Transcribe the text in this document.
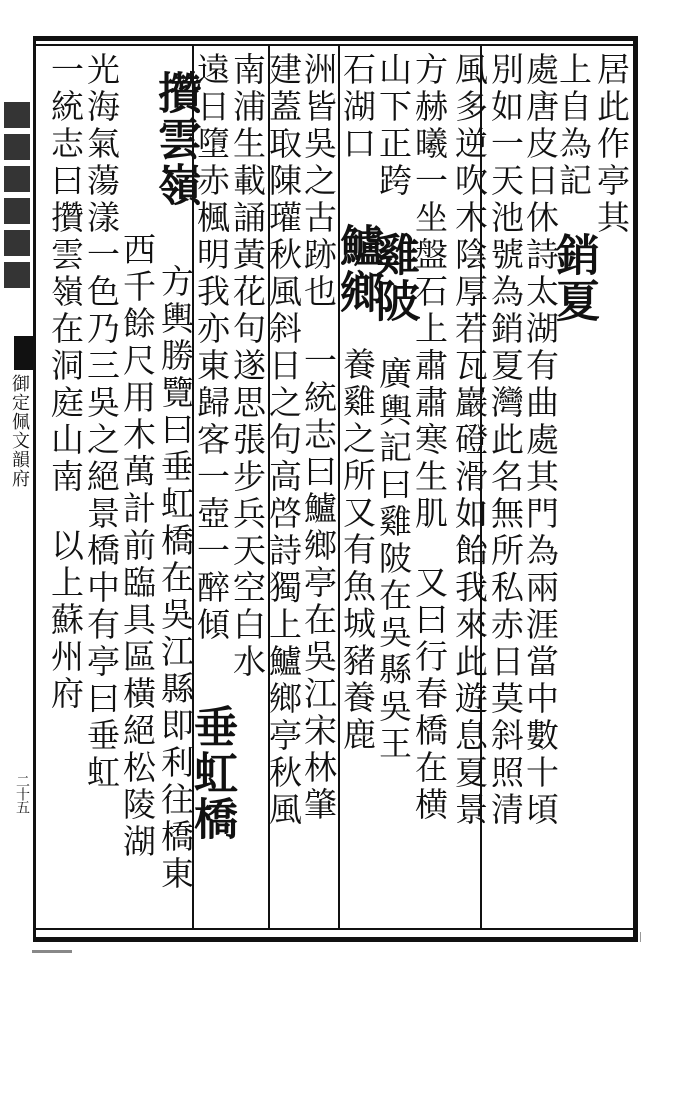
御定佩文韻府
二十五
居此作亭其
上自為記銷夏
處唐皮日休詩太湖有曲處其門為兩涯當中數十頃
別如一天池號為銷夏灣此名無所私赤日莫斜照清
風多逆吹木陰厚若瓦巖磴滑如飴我來此遊息夏景
方赫曦一坐盤石上肅肅寒生肌又曰行春橋在横
山下正跨雞陂廣輿記曰雞陂在吳縣吳王
石湖口鱸鄉養雞之所又有魚城豬養鹿
洲皆吳之古跡也一統志曰鱸鄉亭在吳江宋林肇
建蓋取陳瓘秋風斜日之句高啓詩獨上鱸鄉亭秋風
南浦生載誦黃花句遂思張步兵天空白水
遠日墮赤楓明我亦東歸客一壺一醉傾垂虹橋
方輿勝覽曰垂虹橋在吳江縣即利往橋東
攢雲嶺
西千餘尺用木萬計前臨具區橫絕松陵湖
光海氣蕩漾一色乃三吳之絕景橋中有亭曰垂虹
一統志曰攢雲嶺在洞庭山南以上蘇州府
